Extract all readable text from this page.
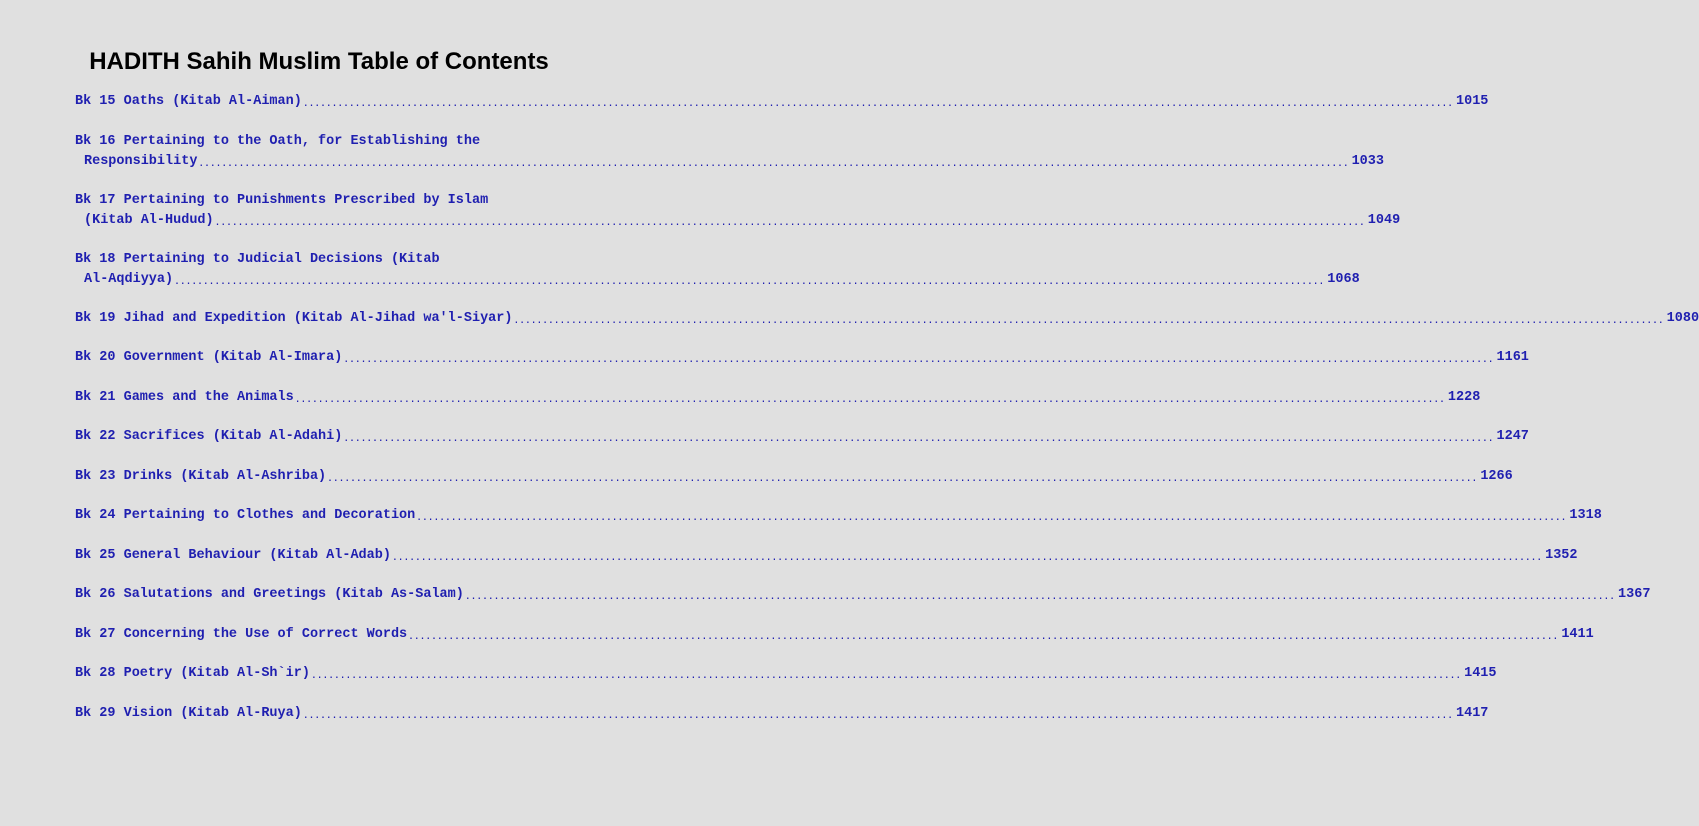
HADITH Sahih Muslim Table of Contents
Bk 15 Oaths (Kitab Al-Aiman) ........................................................................................................................................................................................................ 1015
Bk 16 Pertaining to the Oath, for Establishing the
Responsibility ........................................................................................................................................................................................................ 1033
Bk 17 Pertaining to Punishments Prescribed by Islam
(Kitab Al-Hudud) ........................................................................................................................................................................................................ 1049
Bk 18 Pertaining to Judicial Decisions (Kitab
Al-Aqdiyya) ........................................................................................................................................................................................................ 1068
Bk 19 Jihad and Expedition (Kitab Al-Jihad wa'l-Siyar) ........................................................................................................................................................................................................ 1080
Bk 20 Government (Kitab Al-Imara) ........................................................................................................................................................................................................ 1161
Bk 21 Games and the Animals ........................................................................................................................................................................................................ 1228
Bk 22 Sacrifices (Kitab Al-Adahi) ........................................................................................................................................................................................................ 1247
Bk 23 Drinks (Kitab Al-Ashriba) ........................................................................................................................................................................................................ 1266
Bk 24 Pertaining to Clothes and Decoration ........................................................................................................................................................................................................ 1318
Bk 25 General Behaviour (Kitab Al-Adab) ........................................................................................................................................................................................................ 1352
Bk 26 Salutations and Greetings (Kitab As-Salam) ........................................................................................................................................................................................................ 1367
Bk 27 Concerning the Use of Correct Words ........................................................................................................................................................................................................ 1411
Bk 28 Poetry (Kitab Al-Sh`ir) ........................................................................................................................................................................................................ 1415
Bk 29 Vision (Kitab Al-Ruya) ........................................................................................................................................................................................................ 1417
